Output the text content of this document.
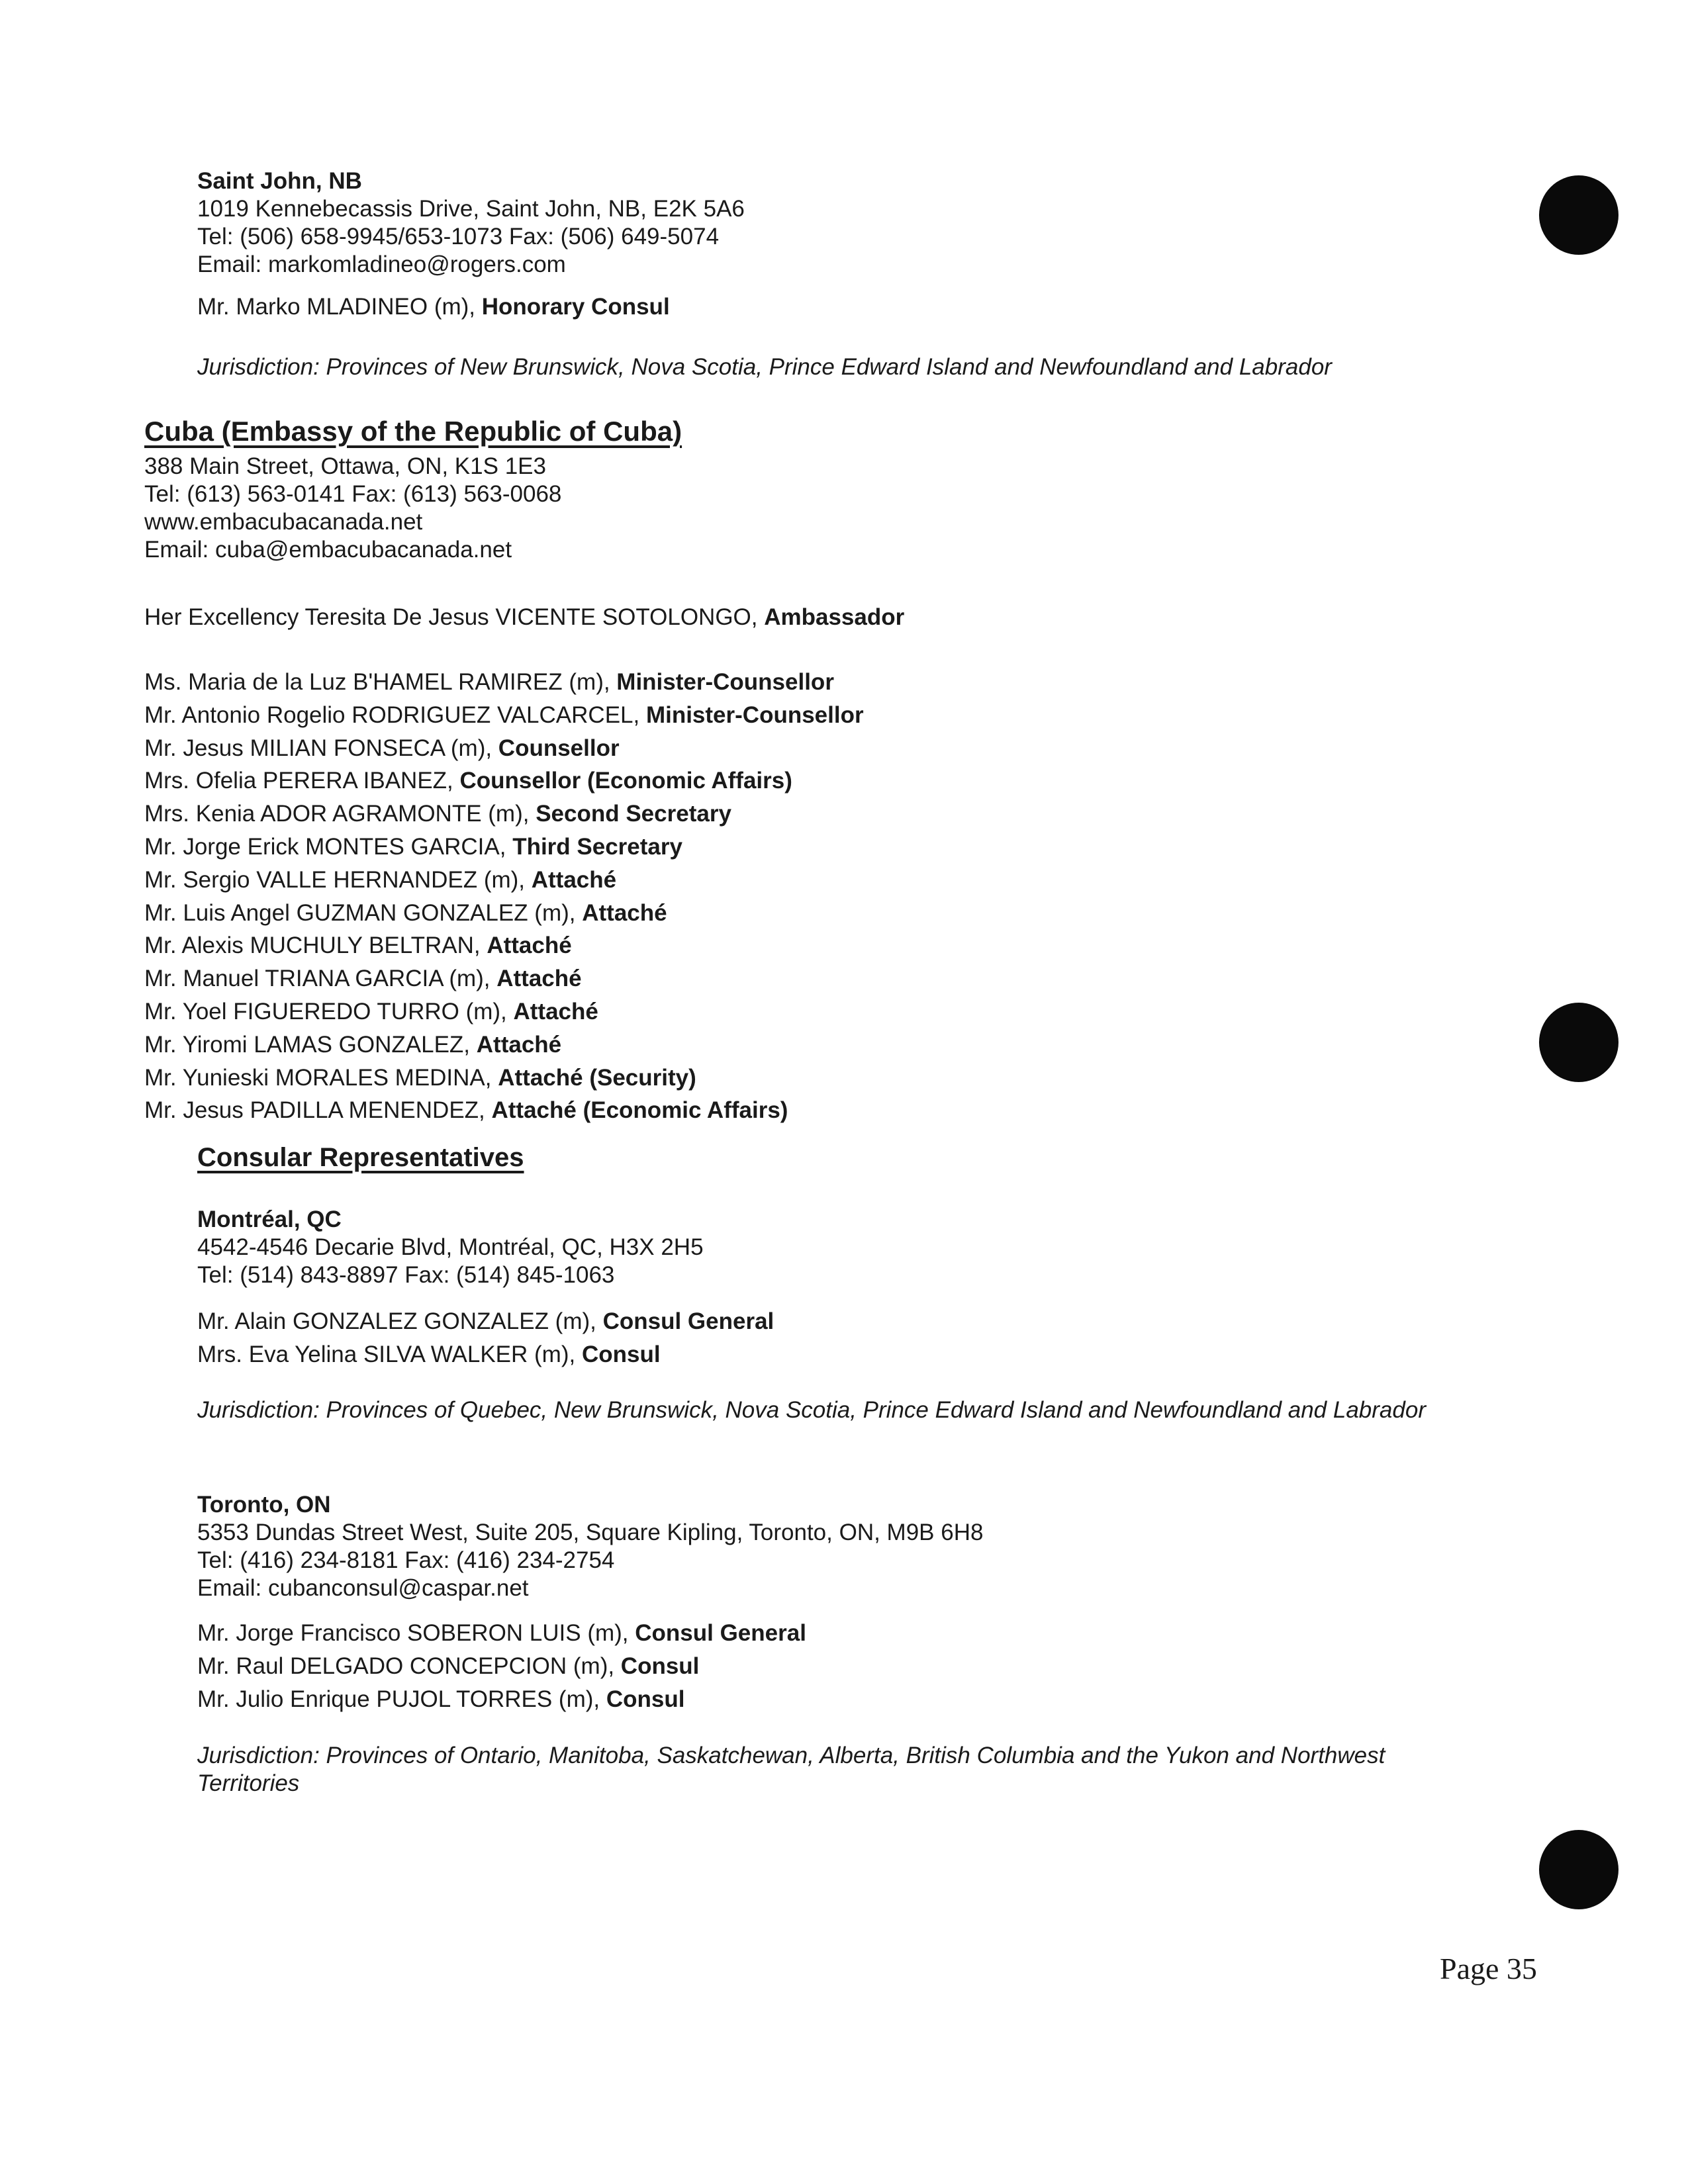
Saint John, NB
1019 Kennebecassis Drive, Saint John, NB, E2K 5A6
Tel: (506) 658-9945/653-1073 Fax: (506) 649-5074
Email: markomladineo@rogers.com
Mr. Marko MLADINEO (m), Honorary Consul
Jurisdiction: Provinces of New Brunswick, Nova Scotia, Prince Edward Island and Newfoundland and Labrador
Cuba (Embassy of the Republic of Cuba)
388 Main Street, Ottawa, ON, K1S 1E3
Tel: (613) 563-0141 Fax: (613) 563-0068
www.embacubacanada.net
Email: cuba@embacubacanada.net
Her Excellency Teresita De Jesus VICENTE SOTOLONGO, Ambassador
Ms. Maria de la Luz B'HAMEL RAMIREZ (m), Minister-Counsellor
Mr. Antonio Rogelio RODRIGUEZ VALCARCEL, Minister-Counsellor
Mr. Jesus MILIAN FONSECA (m), Counsellor
Mrs. Ofelia PERERA IBANEZ, Counsellor (Economic Affairs)
Mrs. Kenia ADOR AGRAMONTE (m), Second Secretary
Mr. Jorge Erick MONTES GARCIA, Third Secretary
Mr. Sergio VALLE HERNANDEZ (m), Attaché
Mr. Luis Angel GUZMAN GONZALEZ (m), Attaché
Mr. Alexis MUCHULY BELTRAN, Attaché
Mr. Manuel TRIANA GARCIA (m), Attaché
Mr. Yoel FIGUEREDO TURRO (m), Attaché
Mr. Yiromi LAMAS GONZALEZ, Attaché
Mr. Yunieski MORALES MEDINA, Attaché (Security)
Mr. Jesus PADILLA MENENDEZ, Attaché (Economic Affairs)
Consular Representatives
Montréal, QC
4542-4546 Decarie Blvd, Montréal, QC, H3X 2H5
Tel: (514) 843-8897 Fax: (514) 845-1063
Mr. Alain GONZALEZ GONZALEZ (m), Consul General
Mrs. Eva Yelina SILVA WALKER (m), Consul
Jurisdiction: Provinces of Quebec, New Brunswick, Nova Scotia, Prince Edward Island and Newfoundland and Labrador
Toronto, ON
5353 Dundas Street West, Suite 205, Square Kipling, Toronto, ON, M9B 6H8
Tel: (416) 234-8181 Fax: (416) 234-2754
Email: cubanconsul@caspar.net
Mr. Jorge Francisco SOBERON LUIS (m), Consul General
Mr. Raul DELGADO CONCEPCION (m), Consul
Mr. Julio Enrique PUJOL TORRES (m), Consul
Jurisdiction: Provinces of Ontario, Manitoba, Saskatchewan, Alberta, British Columbia and the Yukon and Northwest
Territories
Page 35
